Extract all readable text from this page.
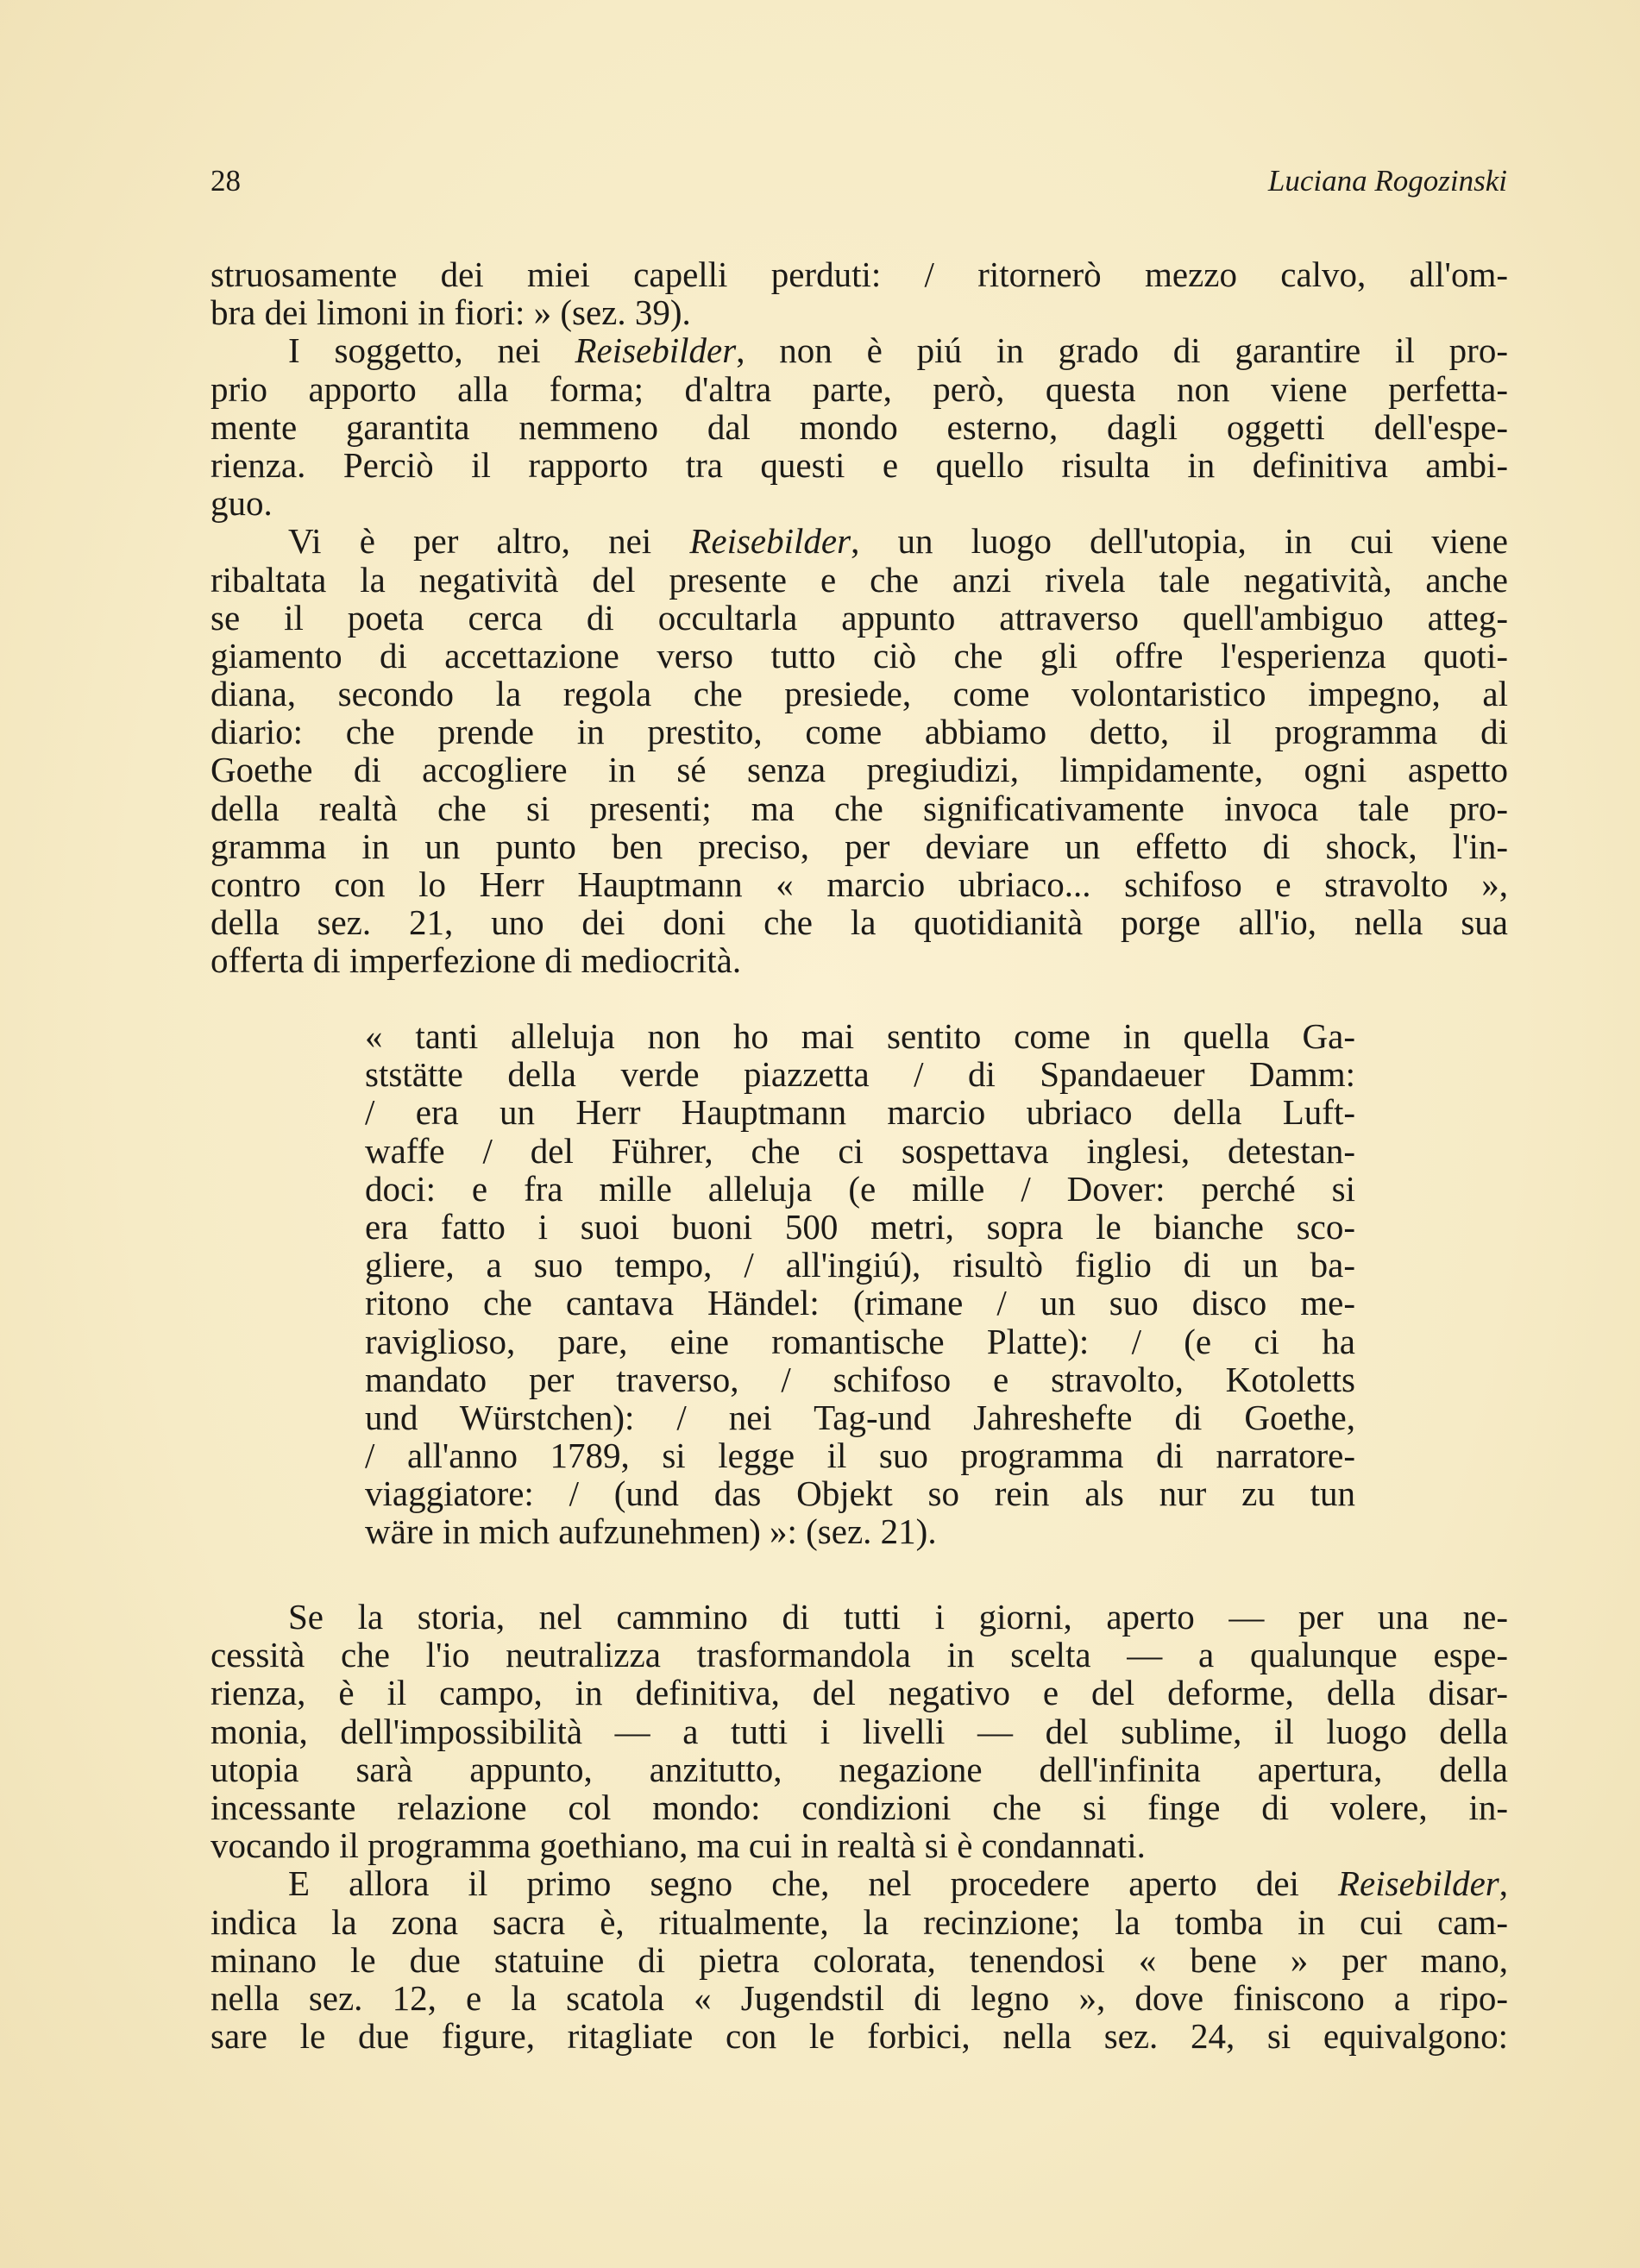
28	Luciana Rogozinski
struosamente dei miei capelli perduti: / ritornerò mezzo calvo, all'om-
bra dei limoni in fiori: » (sez. 39).
I soggetto, nei Reisebilder, non è piú in grado di garantire il pro-
prio apporto alla forma; d'altra parte, però, questa non viene perfetta-
mente garantita nemmeno dal mondo esterno, dagli oggetti dell'espe-
rienza. Perciò il rapporto tra questi e quello risulta in definitiva ambi-
guo.
Vi è per altro, nei Reisebilder, un luogo dell'utopia, in cui viene
ribaltata la negatività del presente e che anzi rivela tale negatività, anche
se il poeta cerca di occultarla appunto attraverso quell'ambiguo atteg-
giamento di accettazione verso tutto ciò che gli offre l'esperienza quoti-
diana, secondo la regola che presiede, come volontaristico impegno, al
diario: che prende in prestito, come abbiamo detto, il programma di
Goethe di accogliere in sé senza pregiudizi, limpidamente, ogni aspetto
della realtà che si presenti; ma che significativamente invoca tale pro-
gramma in un punto ben preciso, per deviare un effetto di shock, l'in-
contro con lo Herr Hauptmann « marcio ubriaco... schifoso e stravolto »,
della sez. 21, uno dei doni che la quotidianità porge all'io, nella sua
offerta di imperfezione di mediocrità.
« tanti alleluja non ho mai sentito come in quella Ga-
ststätte della verde piazzetta / di Spandaeuer Damm:
/ era un Herr Hauptmann marcio ubriaco della Luft-
waffe / del Führer, che ci sospettava inglesi, detestan-
doci: e fra mille alleluja (e mille / Dover: perché si
era fatto i suoi buoni 500 metri, sopra le bianche sco-
gliere, a suo tempo, / all'ingiú), risultò figlio di un ba-
ritono che cantava Händel: (rimane / un suo disco me-
raviglioso, pare, eine romantische Platte): / (e ci ha
mandato per traverso, / schifoso e stravolto, Kotoletts
und Würstchen): / nei Tag-und Jahreshefte di Goethe,
/ all'anno 1789, si legge il suo programma di narratore-
viaggiatore: / (und das Objekt so rein als nur zu tun
wäre in mich aufzunehmen) »: (sez. 21).
Se la storia, nel cammino di tutti i giorni, aperto — per una ne-
cessità che l'io neutralizza trasformandola in scelta — a qualunque espe-
rienza, è il campo, in definitiva, del negativo e del deforme, della disar-
monia, dell'impossibilità — a tutti i livelli — del sublime, il luogo della
utopia sarà appunto, anzitutto, negazione dell'infinita apertura, della
incessante relazione col mondo: condizioni che si finge di volere, in-
vocando il programma goethiano, ma cui in realtà si è condannati.
E allora il primo segno che, nel procedere aperto dei Reisebilder,
indica la zona sacra è, ritualmente, la recinzione; la tomba in cui cam-
minano le due statuine di pietra colorata, tenendosi « bene » per mano,
nella sez. 12, e la scatola « Jugendstil di legno », dove finiscono a ripo-
sare le due figure, ritagliate con le forbici, nella sez. 24, si equivalgono:
